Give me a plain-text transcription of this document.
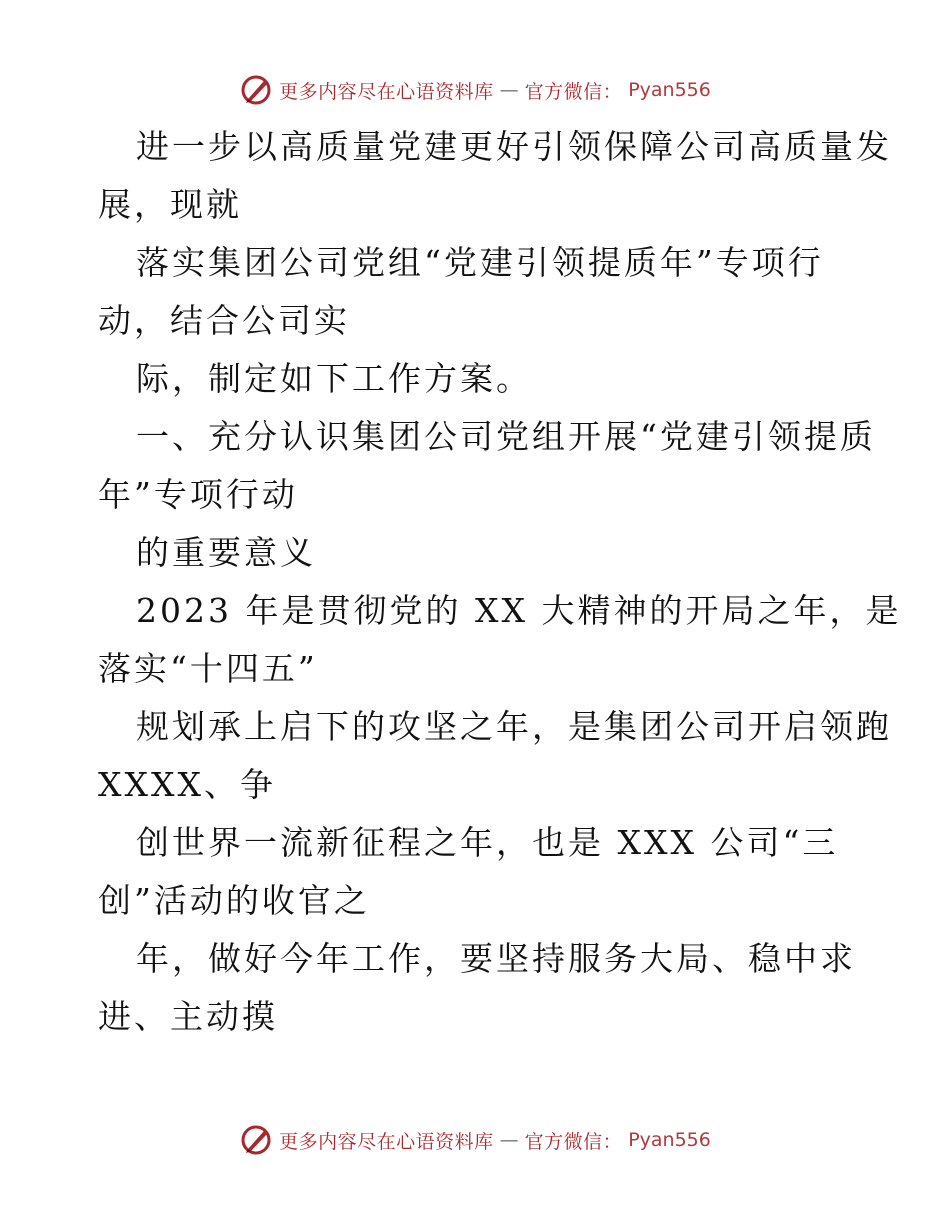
更多内容尽在心语资料库 — 官方微信： Pyan556
进一步以高质量党建更好引领保障公司高质量发
展，现就
落实集团公司党组“党建引领提质年”专项行
动，结合公司实
际，制定如下工作方案。
一、充分认识集团公司党组开展“党建引领提质
年”专项行动
的重要意义
2023 年是贯彻党的 XX 大精神的开局之年，是
落实“十四五”
规划承上启下的攻坚之年，是集团公司开启领跑
XXXX、争
创世界一流新征程之年，也是 XXX 公司“三
创”活动的收官之
年，做好今年工作，要坚持服务大局、稳中求
进、主动摸
更多内容尽在心语资料库 — 官方微信： Pyan556
